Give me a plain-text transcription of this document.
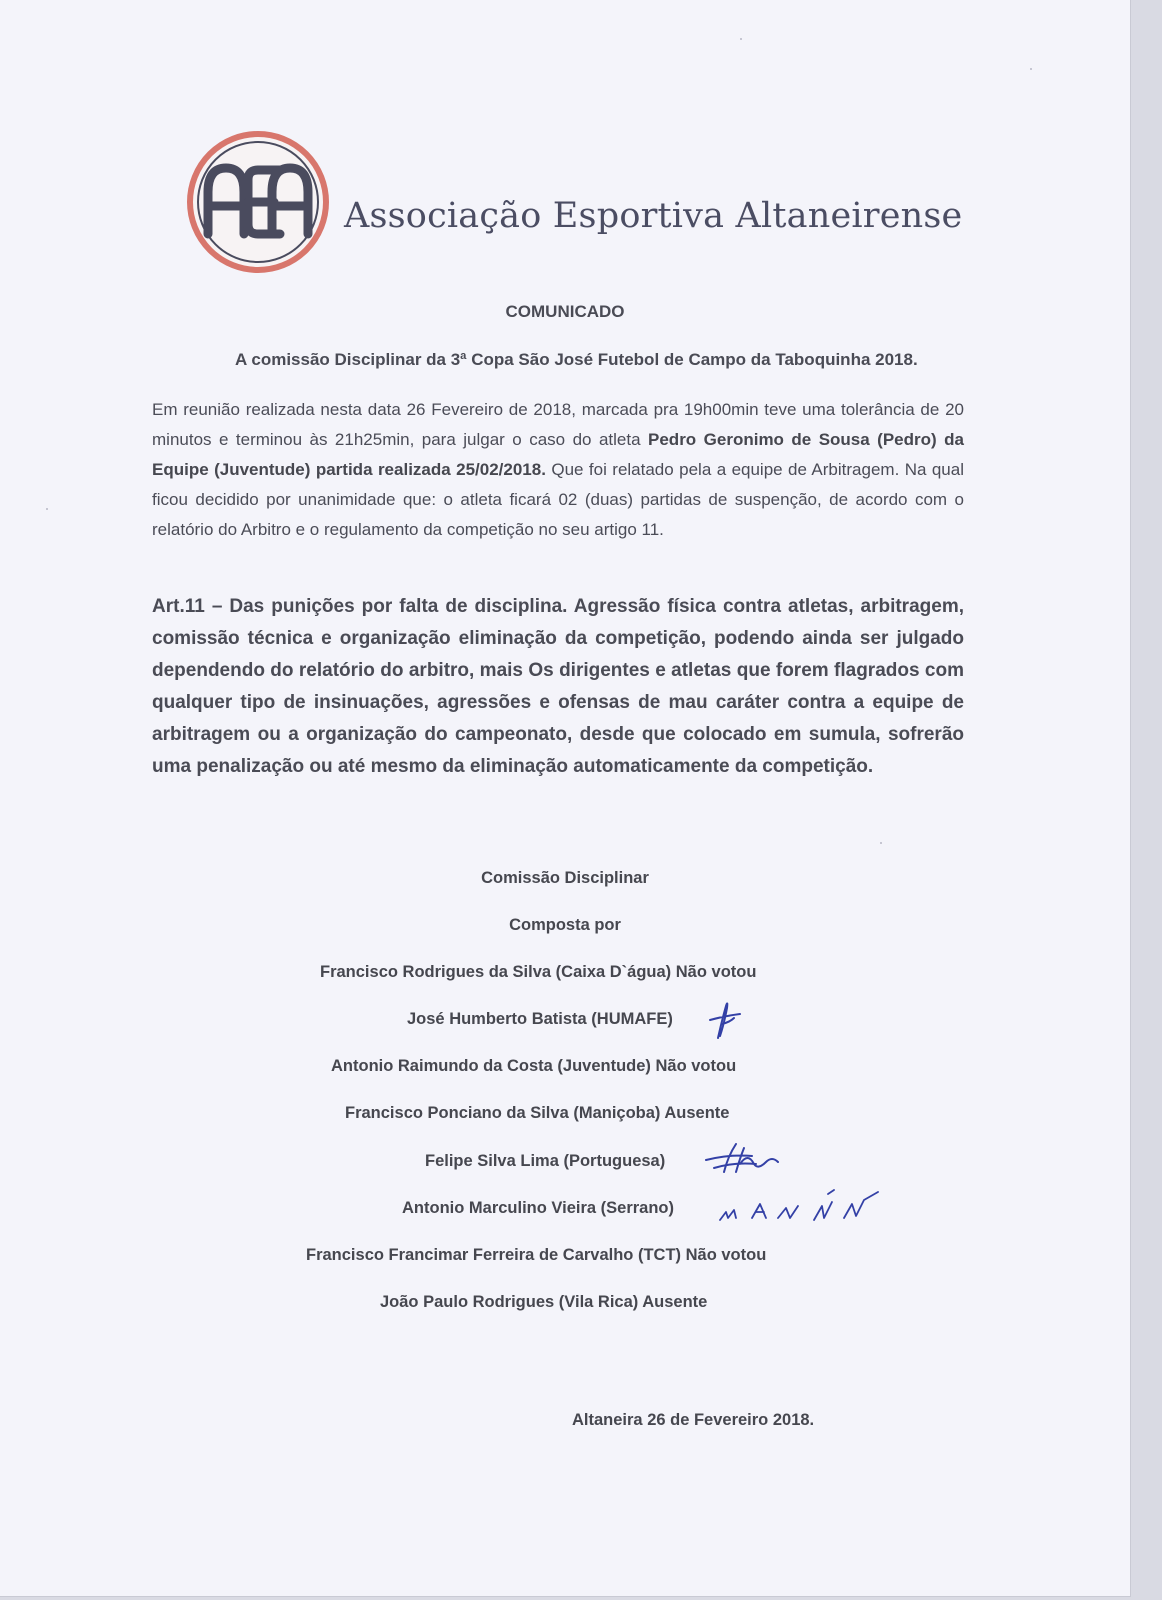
Associação Esportiva Altaneirense
COMUNICADO
A comissão Disciplinar da 3ª Copa São José Futebol de Campo da Taboquinha 2018.
Em reunião realizada nesta data 26 Fevereiro de 2018, marcada pra 19h00min teve uma tolerância de 20 minutos e terminou às 21h25min, para julgar o caso do atleta Pedro Geronimo de Sousa (Pedro) da Equipe (Juventude) partida realizada 25/02/2018. Que foi relatado pela a equipe de Arbitragem. Na qual ficou decidido por unanimidade que: o atleta ficará 02 (duas) partidas de suspenção, de acordo com o relatório do Arbitro e o regulamento da competição no seu artigo 11.
Art.11 – Das punições por falta de disciplina. Agressão física contra atletas, arbitragem, comissão técnica e organização eliminação da competição, podendo ainda ser julgado dependendo do relatório do arbitro, mais Os dirigentes e atletas que forem flagrados com qualquer tipo de insinuações, agressões e ofensas de mau caráter contra a equipe de arbitragem ou a organização do campeonato, desde que colocado em sumula, sofrerão uma penalização ou até mesmo da eliminação automaticamente da competição.
Comissão Disciplinar
Composta por
Francisco Rodrigues da Silva (Caixa D`água) Não votou
José Humberto Batista (HUMAFE)
Antonio Raimundo da Costa (Juventude) Não votou
Francisco Ponciano da Silva (Maniçoba) Ausente
Felipe Silva Lima (Portuguesa)
Antonio Marculino Vieira (Serrano)
Francisco Francimar Ferreira de Carvalho (TCT) Não votou
João Paulo Rodrigues (Vila Rica) Ausente
Altaneira 26 de Fevereiro 2018.
